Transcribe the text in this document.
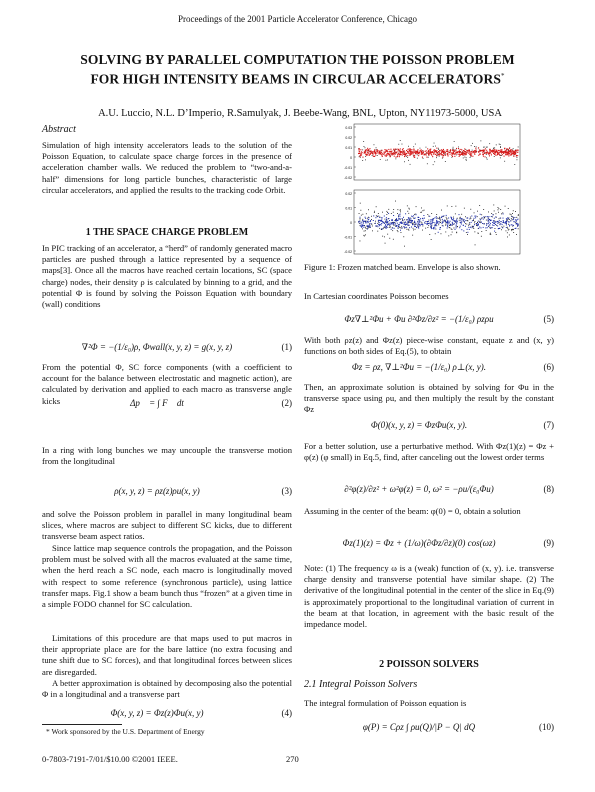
Proceedings of the 2001 Particle Accelerator Conference, Chicago
SOLVING BY PARALLEL COMPUTATION THE POISSON PROBLEM
FOR HIGH INTENSITY BEAMS IN CIRCULAR ACCELERATORS*
A.U. Luccio, N.L. D’Imperio, R.Samulyak, J. Beebe-Wang, BNL, Upton, NY11973-5000, USA
Abstract
Simulation of high intensity accelerators leads to the solution of the Poisson Equation, to calculate space charge forces in the presence of acceleration chamber walls. We reduced the problem to “two-and-a-half” dimensions for long particle bunches, characteristic of large circular accelerators, and applied the results to the tracking code Orbit.
1 THE SPACE CHARGE PROBLEM
In PIC tracking of an accelerator, a “herd” of randomly generated macro particles are pushed through a lattice represented by a sequence of maps[3]. Once all the macros have reached certain locations, SC (space charge) nodes, their density ρ is calculated by binning to a grid, and the potential Φ is found by solving the Poisson Equation with boundary (wall) conditions
∇²Φ = −(1/ε₀)ρ, Φwall(x, y, z) = g(x, y, z)	(1)
From the potential Φ, SC force components (with a coefficient to account for the balance between electrostatic and magnetic action), are calculated by derivation and applied to each macro as transverse angle kicks	Δp⃗ = ∫ F⃗ dt	(2)
In a ring with long bunches we may uncouple the transverse motion from the longitudinal
ρ(x, y, z) = ρz(z)ρu(x, y)	(3)
and solve the Poisson problem in parallel in many longitudinal beam slices, where macros are subject to different SC kicks, due to different transverse beam aspect ratios.
Since lattice map sequence controls the propagation, and the Poisson problem must be solved with all the macros evaluated at the same time, when the herd reach a SC node, each macro is longitudinally moved with respect to some reference (synchronous particle), using lattice transfer maps. Fig.1 show a beam bunch thus “frozen” at a given time in a simple FODO channel for SC calculation.
Limitations of this procedure are that maps used to put macros in their appropriate place are for the bare lattice (no extra focusing and tune shift due to SC forces), and that longitudinal forces between slices are disregarded.
A better approximation is obtained by decomposing also the potential Φ in a longitudinal and a transverse part
Φ(x, y, z) = Φz(z)Φu(x, y)	(4)
* Work sponsored by the U.S. Department of Energy
0-7803-7191-7/01/$10.00 ©2001 IEEE.	270
0.03
0.02
0.01
0
-0.01
-0.02
0.02
0.01
0
-0.01
-0.02
Figure 1: Frozen matched beam. Envelope is also shown.
In Cartesian coordinates Poisson becomes
Φz∇⊥²Φu + Φu ∂²Φz/∂z² = −(1/ε₀) ρzρu	(5)
With both ρz(z) and Φz(z) piece-wise constant, equate z and (x, y) functions on both sides of Eq.(5), to obtain
Φz = ρz, ∇⊥²Φu = −(1/ε₀) ρ⊥(x, y).	(6)
Then, an approximate solution is obtained by solving for Φu in the transverse space using ρu, and then multiply the result by the constant Φz
Φ(0)(x, y, z) = ΦzΦu(x, y).	(7)
For a better solution, use a perturbative method. With Φz(1)(z) = Φz + φ(z) (φ small) in Eq.5, find, after canceling out the lowest order terms
∂²φ(z)/∂z² + ω²φ(z) = 0, ω² = −ρu/(ε₀Φu)	(8)
Assuming in the center of the beam: φ(0) = 0, obtain a solution
Φz(1)(z) = Φz + (1/ω)(∂Φz/∂z)(0) cos(ωz)	(9)
Note: (1) The frequency ω is a (weak) function of (x, y). i.e. transverse charge density and transverse potential have similar shape. (2) The derivative of the longitudinal potential in the center of the slice in Eq.(9) is approximately proportional to the longitudinal variation of current in the beam at that location, in agreement with the basic result of the impedance model.
2 POISSON SOLVERS
2.1 Integral Poisson Solvers
The integral formulation of Poisson equation is
φ(P) = Cρz ∫ ρu(Q)/|P − Q| dQ	(10)
